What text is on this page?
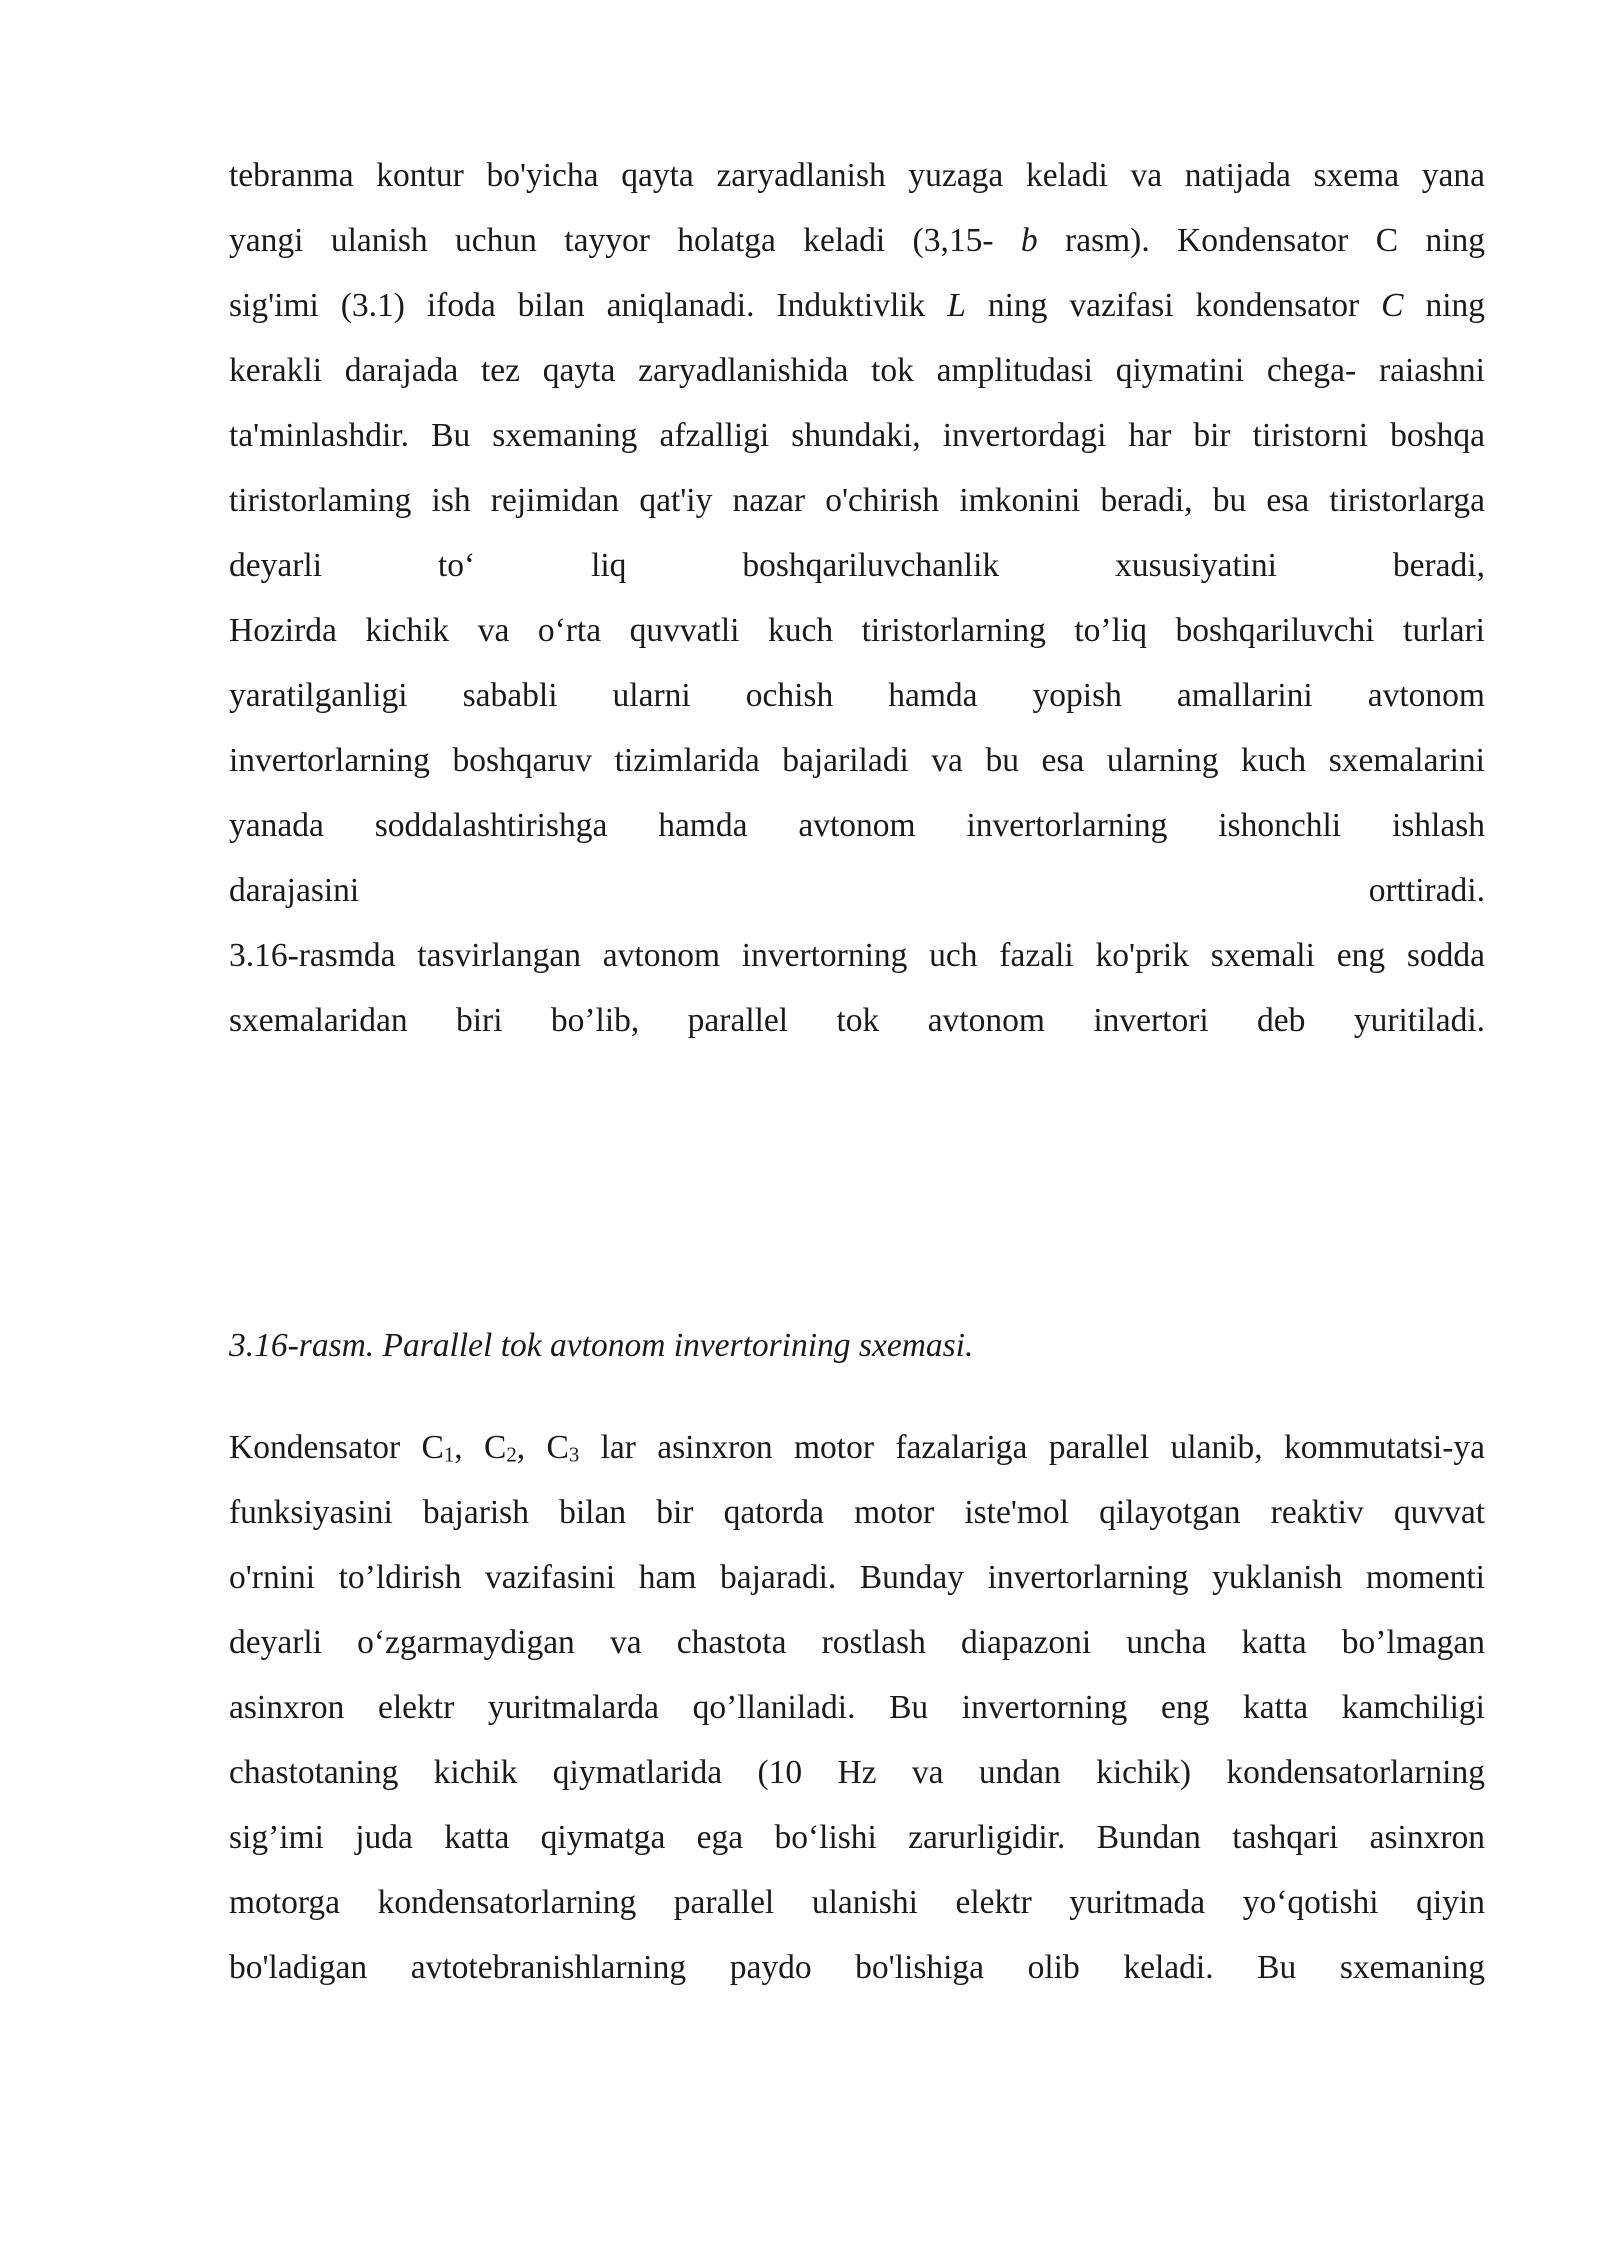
tebranma kontur bo'yicha qayta zaryadlanish yuzaga keladi va natijada sxema yana
yangi ulanish uchun tayyor holatga keladi (3,15- b rasm). Kondensator C ning
sig'imi (3.1) ifoda bilan aniqlanadi. Induktivlik L ning vazifasi kondensator C ning
kerakli darajada tez qayta zaryadlanishida tok amplitudasi qiymatini chega- raiashni
ta'minlashdir. Bu sxemaning afzalligi shundaki, invertordagi har bir tiristorni boshqa
tiristorlaming ish rejimidan qat'iy nazar o'chirish imkonini beradi, bu esa tiristorlarga
deyarli to‘ liq boshqariluvchanlik xususiyatini beradi,
Hozirda kichik va o‘rta quvvatli kuch tiristorlarning to’liq boshqariluvchi turlari
yaratilganligi sababli ularni ochish hamda yopish amallarini avtonom
invertorlarning boshqaruv tizimlarida bajariladi va bu esa ularning kuch sxemalarini
yanada soddalashtirishga hamda avtonom invertorlarning ishonchli ishlash
darajasini orttiradi.
3.16-rasmda tasvirlangan avtonom invertorning uch fazali ko'prik sxemali eng sodda
sxemalaridan biri bo’lib, parallel tok avtonom invertori deb yuritiladi.
3.16-rasm. Parallel tok avtonom invertorining sxemasi.
Kondensator $C_1$, $C_2$, $C_3$ lar asinxron motor fazalariga parallel ulanib, kommutatsi-ya
funksiyasini bajarish bilan bir qatorda motor iste'mol qilayotgan reaktiv quvvat
o'rnini to’ldirish vazifasini ham bajaradi. Bunday invertorlarning yuklanish momenti
deyarli o‘zgarmaydigan va chastota rostlash diapazoni uncha katta bo’lmagan
asinxron elektr yuritmalarda qo’llaniladi. Bu invertorning eng katta kamchiligi
chastotaning kichik qiymatlarida (10 Hz va undan kichik) kondensatorlarning
sig’imi juda katta qiymatga ega bo‘lishi zarurligidir. Bundan tashqari asinxron
motorga kondensatorlarning parallel ulanishi elektr yuritmada yo‘qotishi qiyin
bo'ladigan avtotebranishlarning paydo bo'lishiga olib keladi. Bu sxemaning
